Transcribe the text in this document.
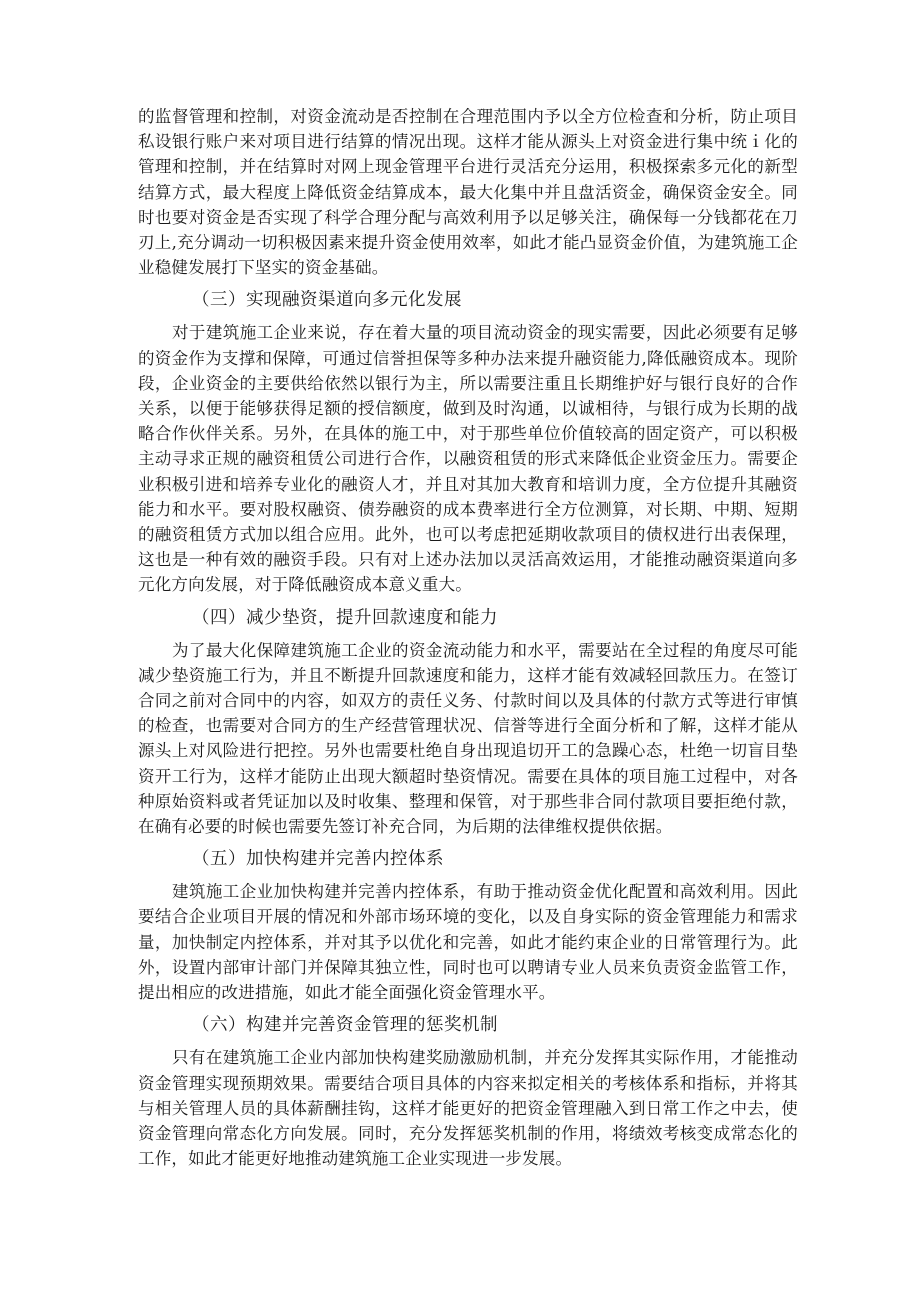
的监督管理和控制，对资金流动是否控制在合理范围内予以全方位检查和分析，防止项目私设银行账户来对项目进行结算的情况出现。这样才能从源头上对资金进行集中统ｉ化的管理和控制，并在结算时对网上现金管理平台进行灵活充分运用，积极探索多元化的新型结算方式，最大程度上降低资金结算成本，最大化集中并且盘活资金，确保资金安全。同时也要对资金是否实现了科学合理分配与高效利用予以足够关注，确保每一分钱都花在刀刃上,充分调动一切积极因素来提升资金使用效率，如此才能凸显资金价值，为建筑施工企业稳健发展打下坚实的资金基础。

（三）实现融资渠道向多元化发展

对于建筑施工企业来说，存在着大量的项目流动资金的现实需要，因此必须要有足够的资金作为支撑和保障，可通过信誉担保等多种办法来提升融资能力,降低融资成本。现阶段，企业资金的主要供给依然以银行为主，所以需要注重且长期维护好与银行良好的合作关系，以便于能够获得足额的授信额度，做到及时沟通，以诚相待，与银行成为长期的战略合作伙伴关系。另外，在具体的施工中，对于那些单位价值较高的固定资产，可以积极主动寻求正规的融资租赁公司进行合作，以融资租赁的形式来降低企业资金压力。需要企业积极引进和培养专业化的融资人才，并且对其加大教育和培训力度，全方位提升其融资能力和水平。要对股权融资、债券融资的成本费率进行全方位测算，对长期、中期、短期的融资租赁方式加以组合应用。此外，也可以考虑把延期收款项目的债权进行出表保理，这也是一种有效的融资手段。只有对上述办法加以灵活高效运用，才能推动融资渠道向多元化方向发展，对于降低融资成本意义重大。

（四）减少垫资，提升回款速度和能力

为了最大化保障建筑施工企业的资金流动能力和水平，需要站在全过程的角度尽可能减少垫资施工行为，并且不断提升回款速度和能力，这样才能有效减轻回款压力。在签订合同之前对合同中的内容，如双方的责任义务、付款时间以及具体的付款方式等进行审慎的检查，也需要对合同方的生产经营管理状况、信誉等进行全面分析和了解，这样才能从源头上对风险进行把控。另外也需要杜绝自身出现追切开工的急躁心态，杜绝一切盲目垫资开工行为，这样才能防止出现大额超时垫资情况。需要在具体的项目施工过程中，对各种原始资料或者凭证加以及时收集、整理和保管，对于那些非合同付款项目要拒绝付款，在确有必要的时候也需要先签订补充合同，为后期的法律维权提供依据。

（五）加快构建并完善内控体系

建筑施工企业加快构建并完善内控体系，有助于推动资金优化配置和高效利用。因此要结合企业项目开展的情况和外部市场环境的变化，以及自身实际的资金管理能力和需求量，加快制定内控体系，并对其予以优化和完善，如此才能约束企业的日常管理行为。此外，设置内部审计部门并保障其独立性，同时也可以聘请专业人员来负责资金监管工作，提出相应的改进措施，如此才能全面强化资金管理水平。

（六）构建并完善资金管理的惩奖机制

只有在建筑施工企业内部加快构建奖励激励机制，并充分发挥其实际作用，才能推动资金管理实现预期效果。需要结合项目具体的内容来拟定相关的考核体系和指标，并将其与相关管理人员的具体薪酬挂钩，这样才能更好的把资金管理融入到日常工作之中去，使资金管理向常态化方向发展。同时，充分发挥惩奖机制的作用，将绩效考核变成常态化的工作，如此才能更好地推动建筑施工企业实现进一步发展。
